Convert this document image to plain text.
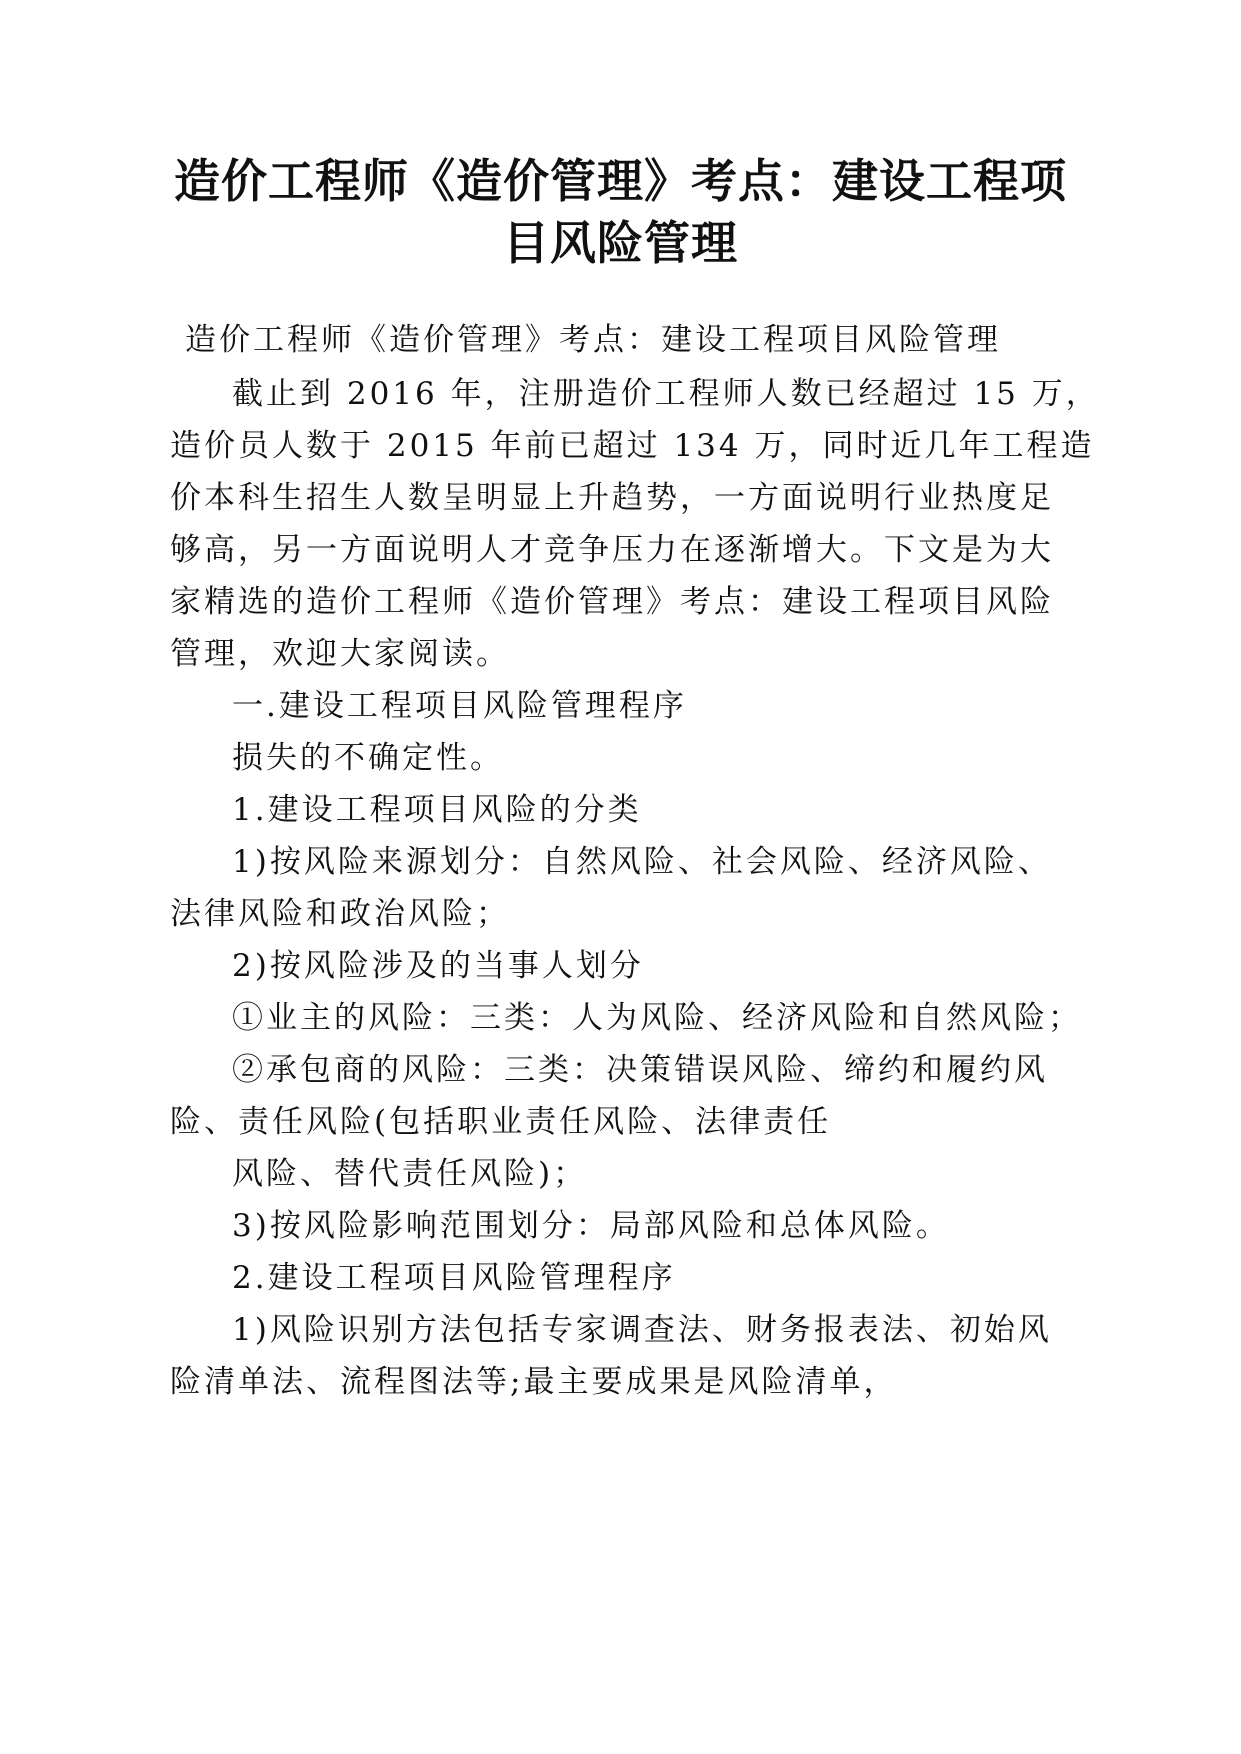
造价工程师《造价管理》考点：建设工程项
目风险管理

造价工程师《造价管理》考点：建设工程项目风险管理

截止到 2016 年，注册造价工程师人数已经超过 15 万，

造价员人数于 2015 年前已超过 134 万，同时近几年工程造

价本科生招生人数呈明显上升趋势，一方面说明行业热度足

够高，另一方面说明人才竞争压力在逐渐增大。下文是为大

家精选的造价工程师《造价管理》考点：建设工程项目风险

管理，欢迎大家阅读。

一.建设工程项目风险管理程序

损失的不确定性。

1.建设工程项目风险的分类

1)按风险来源划分：自然风险、社会风险、经济风险、

法律风险和政治风险；

2)按风险涉及的当事人划分

①业主的风险：三类：人为风险、经济风险和自然风险；

②承包商的风险：三类：决策错误风险、缔约和履约风

险、责任风险(包括职业责任风险、法律责任

风险、替代责任风险)；

3)按风险影响范围划分：局部风险和总体风险。

2.建设工程项目风险管理程序

1)风险识别方法包括专家调查法、财务报表法、初始风

险清单法、流程图法等;最主要成果是风险清单，
